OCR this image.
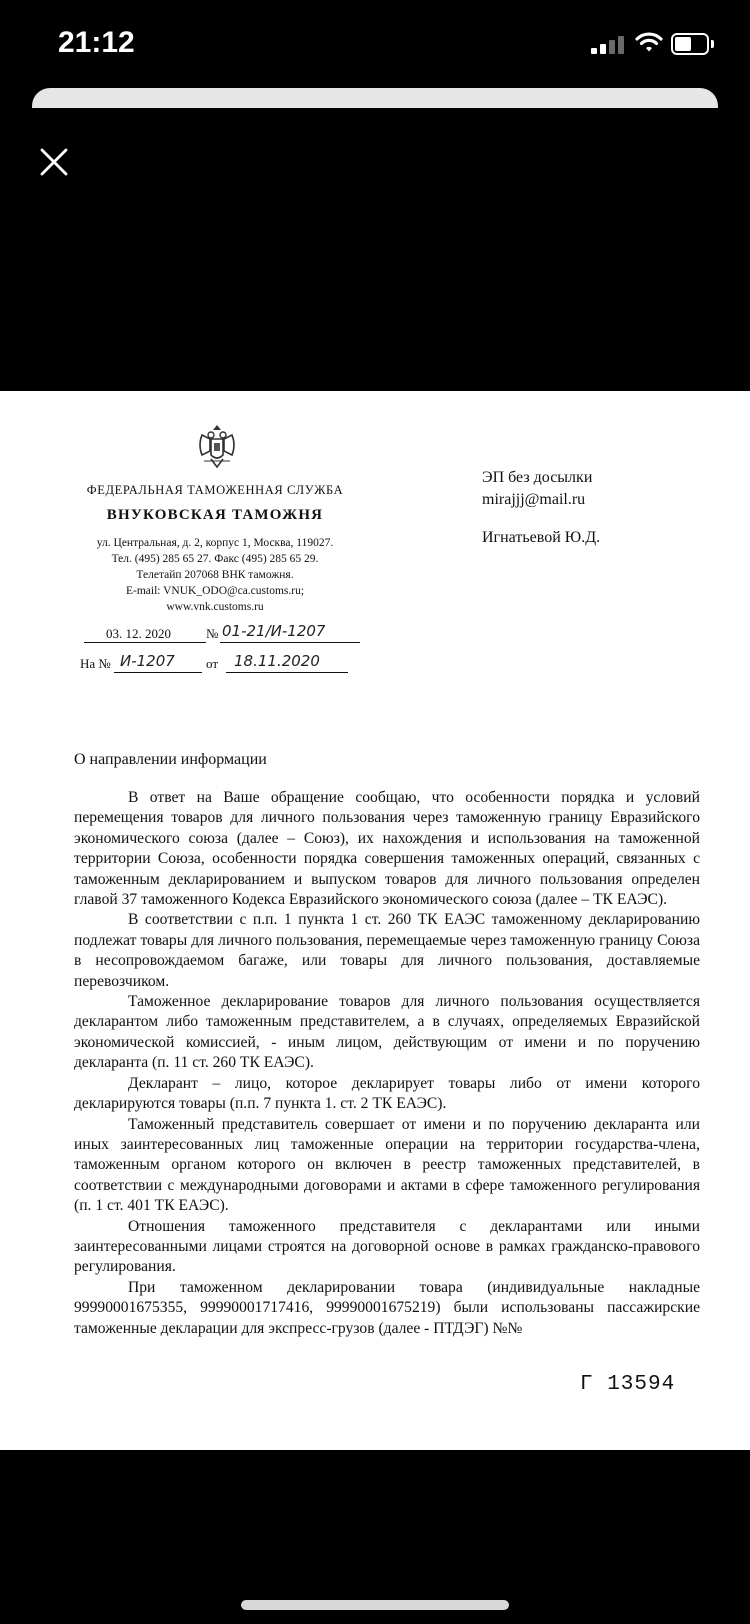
21:12
ФЕДЕРАЛЬНАЯ ТАМОЖЕННАЯ СЛУЖБА
ВНУКОВСКАЯ ТАМОЖНЯ
ул. Центральная, д. 2, корпус 1, Москва, 119027.
Тел. (495) 285 65 27. Факс (495) 285 65 29.
Телетайп 207068 ВНК таможня.
E-mail: VNUK_ODO@ca.customs.ru;
www.vnk.customs.ru
03. 12. 2020	№ 01-21/И-1207
На № И-1207 от 18.11.2020
ЭП без досылки
mirajjj@mail.ru
Игнатьевой Ю.Д.
О направлении информации

В ответ на Ваше обращение сообщаю, что особенности порядка и условий перемещения товаров для личного пользования через таможенную границу Евразийского экономического союза (далее – Союз), их нахождения и использования на таможенной территории Союза, особенности порядка совершения таможенных операций, связанных с таможенным декларированием и выпуском товаров для личного пользования определен главой 37 таможенного Кодекса Евразийского экономического союза (далее – ТК ЕАЭС).

В соответствии с п.п. 1 пункта 1 ст. 260 ТК ЕАЭС таможенному декларированию подлежат товары для личного пользования, перемещаемые через таможенную границу Союза в несопровождаемом багаже, или товары для личного пользования, доставляемые перевозчиком.

Таможенное декларирование товаров для личного пользования осуществляется декларантом либо таможенным представителем, а в случаях, определяемых Евразийской экономической комиссией, - иным лицом, действующим от имени и по поручению декларанта (п. 11 ст. 260 ТК ЕАЭС).

Декларант – лицо, которое декларирует товары либо от имени которого декларируются товары (п.п. 7 пункта 1. ст. 2 ТК ЕАЭС).

Таможенный представитель совершает от имени и по поручению декларанта или иных заинтересованных лиц таможенные операции на территории государства-члена, таможенным органом которого он включен в реестр таможенных представителей, в соответствии с международными договорами и актами в сфере таможенного регулирования (п. 1 ст. 401 ТК ЕАЭС).

Отношения таможенного представителя с декларантами или иными заинтересованными лицами строятся на договорной основе в рамках гражданско-правового регулирования.

При таможенном декларировании товара (индивидуальные накладные 99990001675355, 99990001717416, 99990001675219) были использованы пассажирские таможенные декларации для экспресс-грузов (далее - ПТДЭГ) №№

Г 13594
